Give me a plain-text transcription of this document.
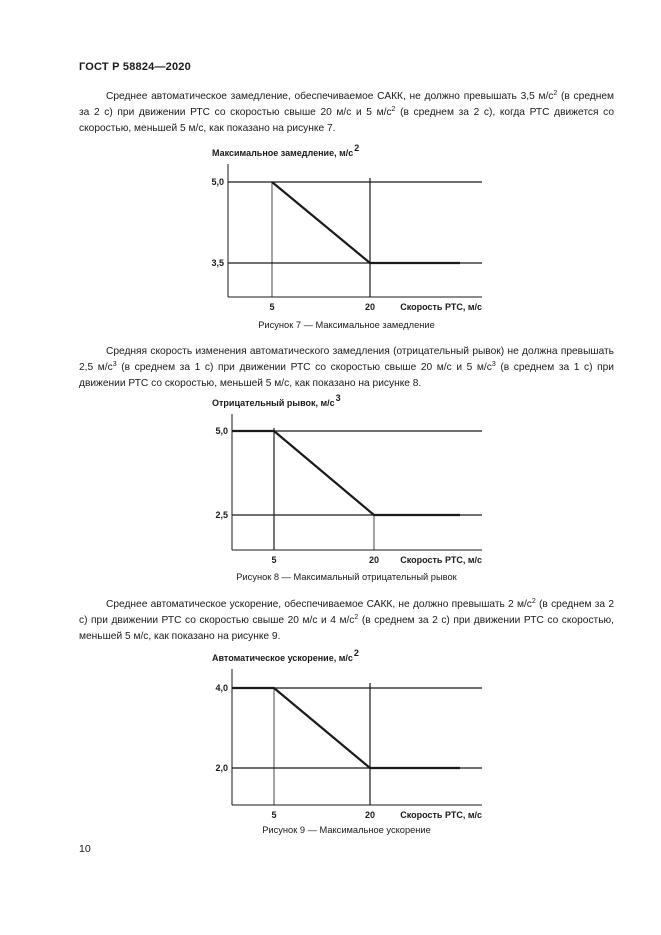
ГОСТ Р 58824—2020
Среднее автоматическое замедление, обеспечиваемое САКК, не должно превышать 3,5 $м/с^2$ (в среднем за 2 с) при движении РТС со скоростью свыше 20 м/с и 5 $м/с^2$ (в среднем за 2 с), когда РТС движется со скоростью, меньшей 5 м/с, как показано на рисунке 7.
Максимальное замедление, м/с 2
5,0
3,5
5	20	Скорость РТС, м/с
Рисунок 7 — Максимальное замедление
Средняя скорость изменения автоматического замедления (отрицательный рывок) не должна превышать 2,5 $м/с^3$ (в среднем за 1 с) при движении РТС со скоростью свыше 20 м/с и 5 $м/с^3$ (в среднем за 1 с) при движении РТС со скоростью, меньшей 5 м/с, как показано на рисунке 8.
Отрицательный рывок, м/с 3
5,0
2,5
5	20 Скорость РТС, м/с
Рисунок 8 — Максимальный отрицательный рывок
Среднее автоматическое ускорение, обеспечиваемое САКК, не должно превышать 2 $м/с^2$ (в среднем за 2 с) при движении РТС со скоростью свыше 20 м/с и 4 $м/с^2$ (в среднем за 2 с) при движении РТС со скоростью, меньшей 5 м/с, как показано на рисунке 9.
Автоматическое ускорение, м/с 2
4,0
2,0
5	20	Скорость РТС, м/с
Рисунок 9 — Максимальное ускорение
10
